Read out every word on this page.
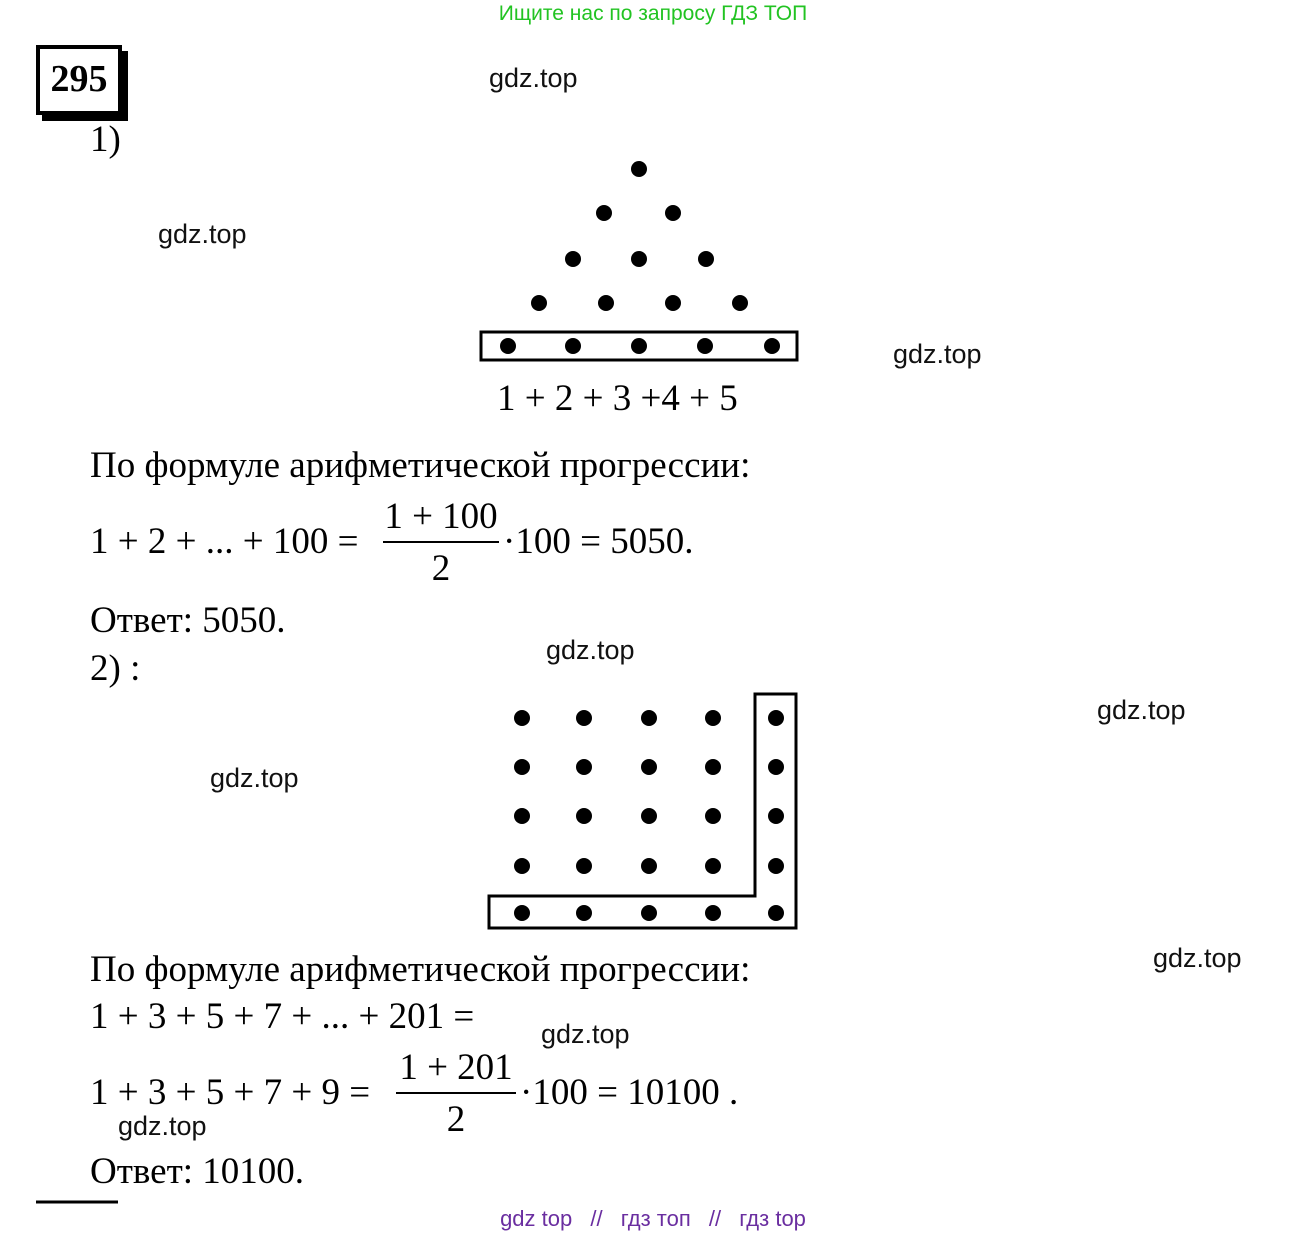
Ищите нас по запросу ГДЗ ТОП
295	gdz.top
gdz.top
gdz.top
gdz.top
gdz.top
gdz.top
gdz.top
gdz.top
gdz.top
1)
1 + 2 + 3 +4 + 5
По формуле арифметической прогрессии:
1 + 2 + ... + 100 =
1 + 100
2
·100 = 5050.
Ответ: 5050.
2) :
По формуле арифметической прогрессии:
1 + 3 + 5 + 7 + ... + 201 =
1 + 3 + 5 + 7 + 9 =
1 + 201
2
·100 = 10100 .
Ответ: 10100.
gdz top // гдз топ // гдз top
